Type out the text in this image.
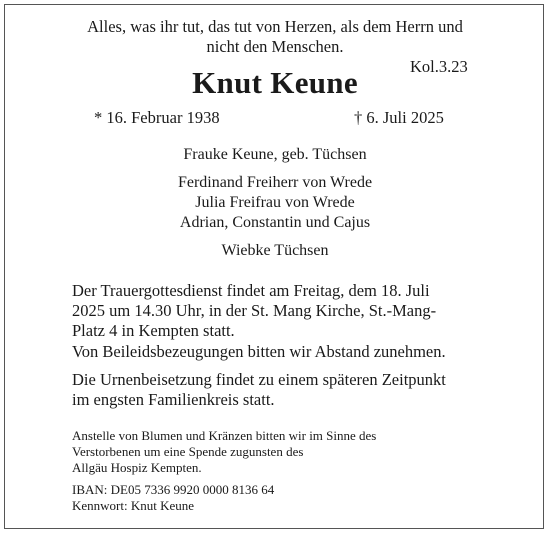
Alles, was ihr tut, das tut von Herzen, als dem Herrn und

nicht den Menschen.

Kol.3.23

Knut Keune

* 16. Februar 1938	† 6. Juli 2025

Frauke Keune, geb. Tüchsen

Ferdinand Freiherr von Wrede

Julia Freifrau von Wrede

Adrian, Constantin und Cajus

Wiebke Tüchsen

Der Trauergottesdienst findet am Freitag, dem 18. Juli

2025 um 14.30 Uhr, in der St. Mang Kirche, St.-Mang-

Platz 4 in Kempten statt.

Von Beileidsbezeugungen bitten wir Abstand zunehmen.

Die Urnenbeisetzung findet zu einem späteren Zeitpunkt

im engsten Familienkreis statt.

Anstelle von Blumen und Kränzen bitten wir im Sinne des

Verstorbenen um eine Spende zugunsten des

Allgäu Hospiz Kempten.

IBAN: DE05 7336 9920 0000 8136 64

Kennwort: Knut Keune
